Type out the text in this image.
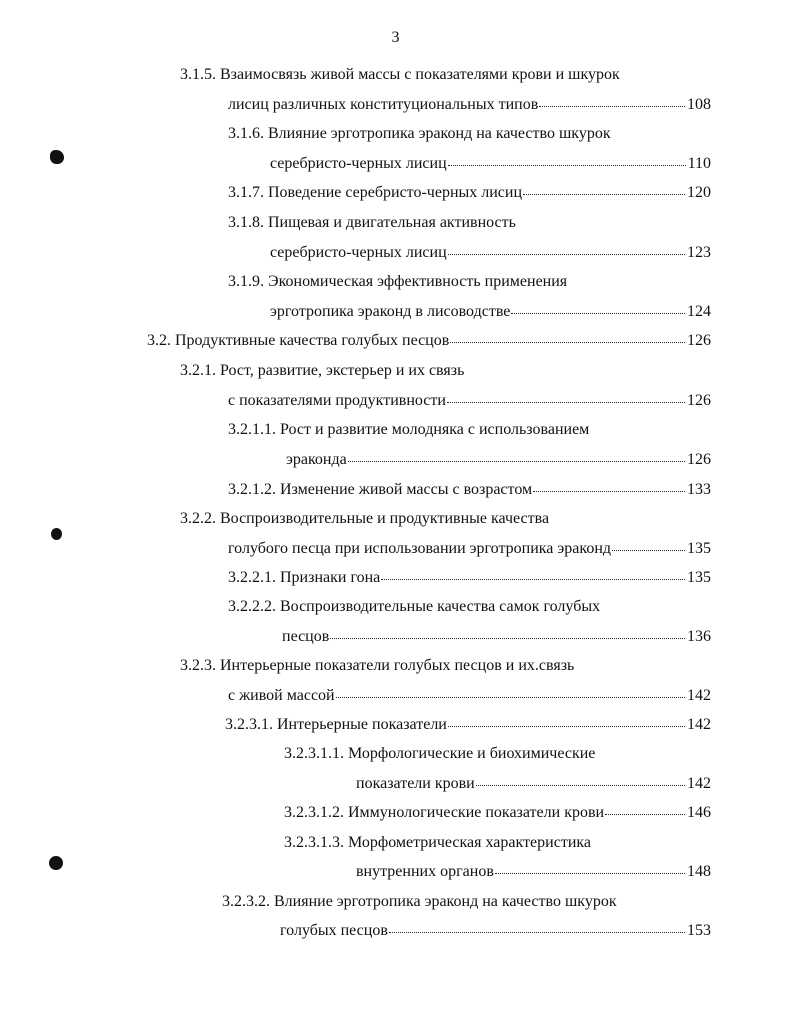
3
3.1.5. Взаимосвязь живой массы с показателями крови и шкурок
лисиц различных конституциональных типов	108
3.1.6. Влияние эрготропика эраконд на качество шкурок
серебристо-черных лисиц	110
3.1.7. Поведение серебристо-черных лисиц	120
3.1.8. Пищевая и двигательная активность
серебристо-черных лисиц	123
3.1.9. Экономическая эффективность применения
эрготропика эраконд в лисоводстве	124
3.2. Продуктивные качества голубых песцов	126
3.2.1. Рост, развитие, экстерьер и их связь
с показателями продуктивности	126
3.2.1.1. Рост и развитие молодняка с использованием
эраконда	126
3.2.1.2. Изменение живой массы с возрастом	133
3.2.2. Воспроизводительные и продуктивные качества
голубого песца при использовании эрготропика эраконд	135
3.2.2.1. Признаки гона	135
3.2.2.2. Воспроизводительные качества самок голубых
песцов	136
3.2.3. Интерьерные показатели голубых песцов и их.связь
с живой массой	142
3.2.3.1. Интерьерные показатели	142
3.2.3.1.1. Морфологические и биохимические
показатели крови	142
3.2.3.1.2. Иммунологические показатели крови	146
3.2.3.1.3. Морфометрическая характеристика
внутренних органов	148
3.2.3.2. Влияние эрготропика эраконд на качество шкурок
голубых песцов	153
